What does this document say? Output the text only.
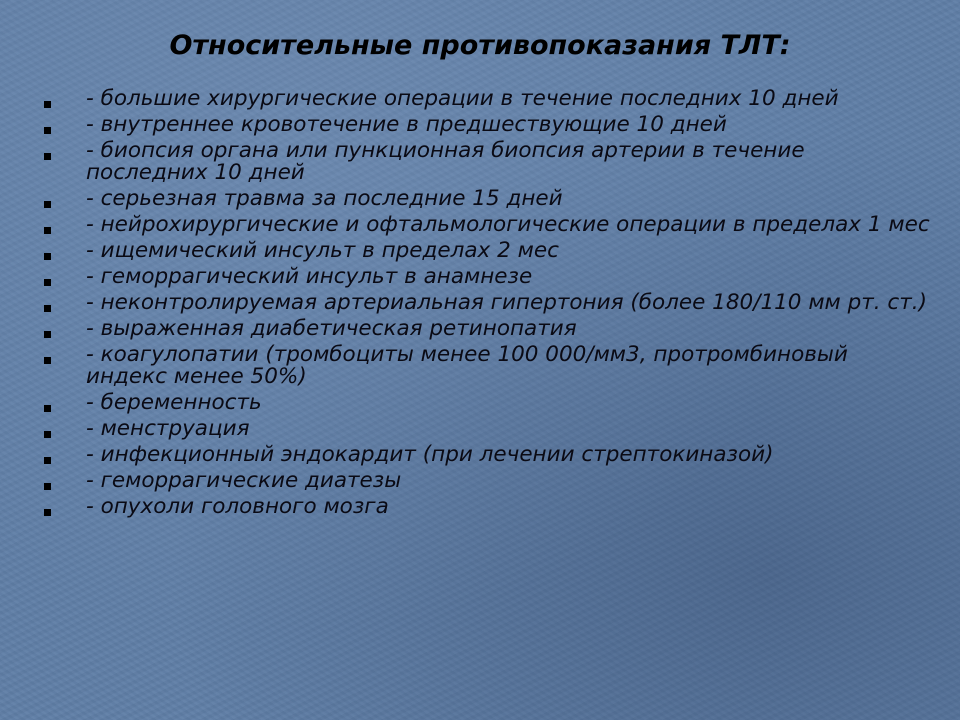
Относительные противопоказания ТЛТ:
- большие хирургические операции в течение последних 10 дней
- внутреннее кровотечение в предшествующие 10 дней
- биопсия органа или пункционная биопсия артерии в течение последних 10 дней
- серьезная травма за последние 15 дней
- нейрохирургические и офтальмологические операции в пределах 1 мес
- ищемический инсульт в пределах 2 мес
- геморрагический инсульт в анамнезе
- неконтролируемая артериальная гипертония (более 180/110 мм рт. ст.)
- выраженная диабетическая ретинопатия
- коагулопатии (тромбоциты менее 100 000/мм3, протромбиновый индекс менее 50%)
- беременность
- менструация
- инфекционный эндокардит (при лечении стрептокиназой)
- геморрагические диатезы
- опухоли головного мозга
